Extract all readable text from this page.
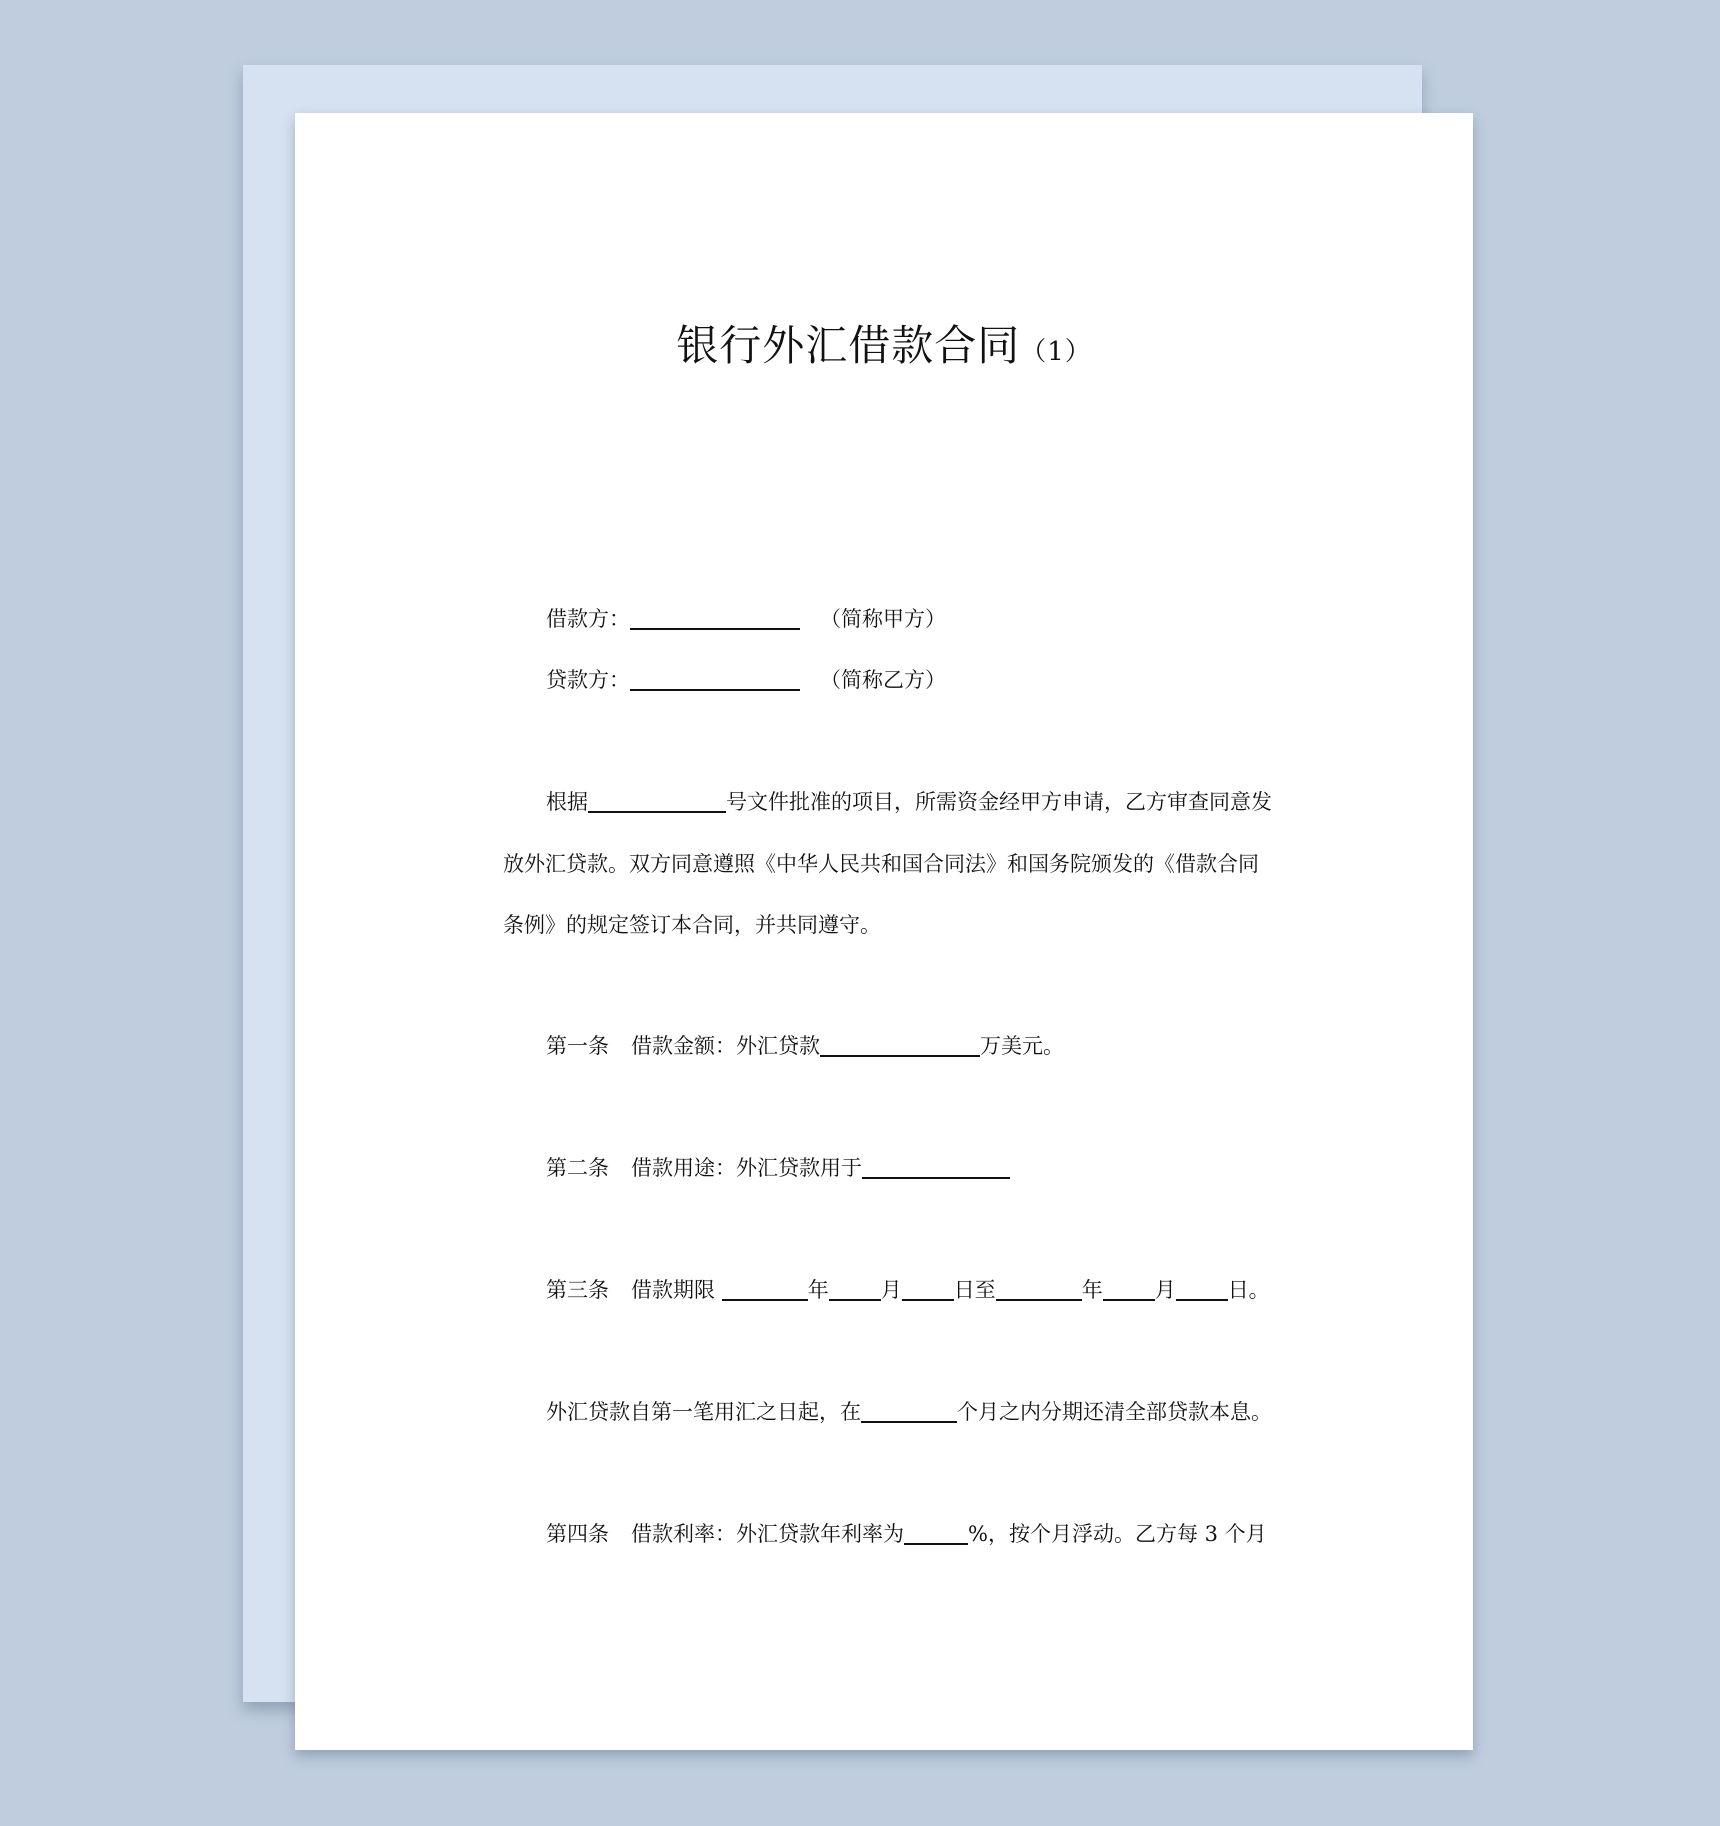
银行外汇借款合同（1）
借款方：	（简称甲方）
贷款方：	（简称乙方）
根据	号文件批准的项目，所需资金经甲方申请，乙方审查同意发
放外汇贷款。双方同意遵照《中华人民共和国合同法》和国务院颁发的《借款合同
条例》的规定签订本合同，并共同遵守。
第一条 借款金额：外汇贷款	万美元。
第二条 借款用途：外汇贷款用于
第三条 借款期限	年 月 日至	年 月 日。
外汇贷款自第一笔用汇之日起，在	个月之内分期还清全部贷款本息。
第四条 借款利率：外汇贷款年利率为	%，按个月浮动。乙方每 3 个月
